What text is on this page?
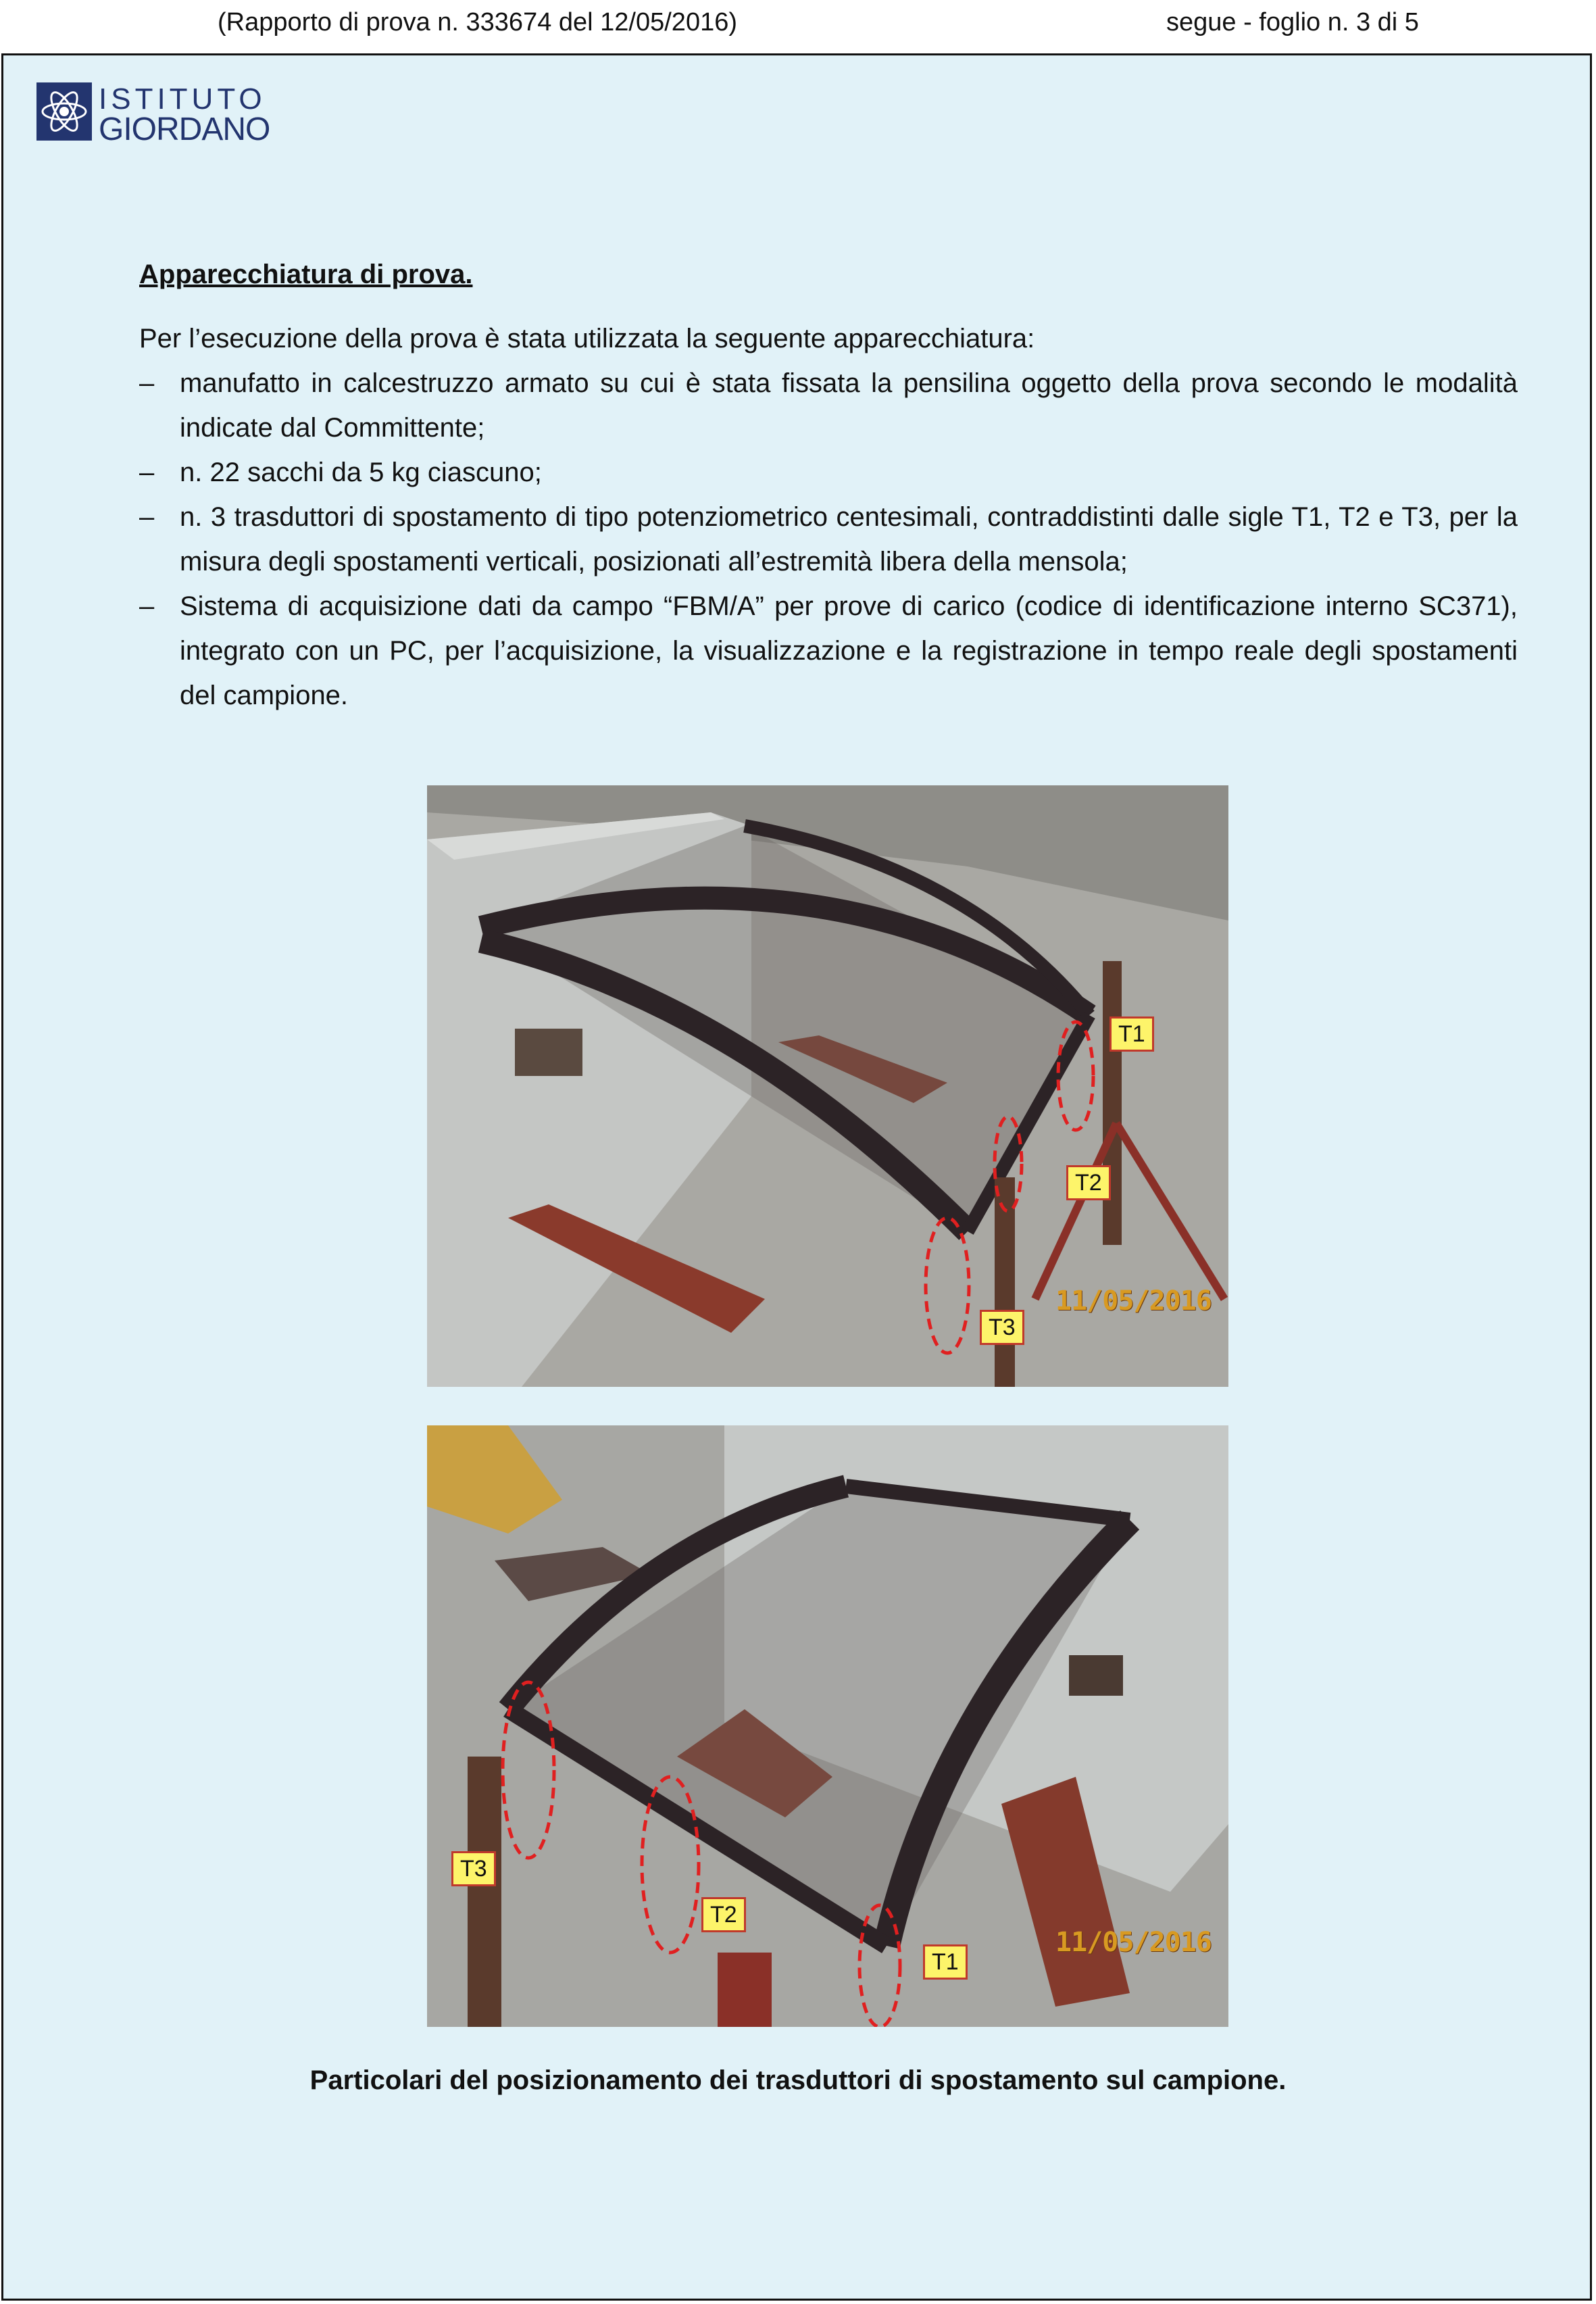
(Rapporto di prova n. 333674 del 12/05/2016)	segue - foglio n. 3 di 5
ISTITUTO
GIORDANO
Apparecchiatura di prova.
Per l’esecuzione della prova è stata utilizzata la seguente apparecchiatura:
– manufatto in calcestruzzo armato su cui è stata fissata la pensilina oggetto della prova secondo le modalità indicate dal Committente;
– n. 22 sacchi da 5 kg ciascuno;
– n. 3 trasduttori di spostamento di tipo potenziometrico centesimali, contraddistinti dalle sigle T1, T2 e T3, per la misura degli spostamenti verticali, posizionati all’estremità libera della mensola;
– Sistema di acquisizione dati da campo “FBM/A” per prove di carico (codice di identificazione interno SC371), integrato con un PC, per l’acquisizione, la visualizzazione e la registrazione in tempo reale degli spostamenti del campione.
T1
T2
T3
11/05/2016
T3
T2
T1
11/05/2016
Particolari del posizionamento dei trasduttori di spostamento sul campione.
